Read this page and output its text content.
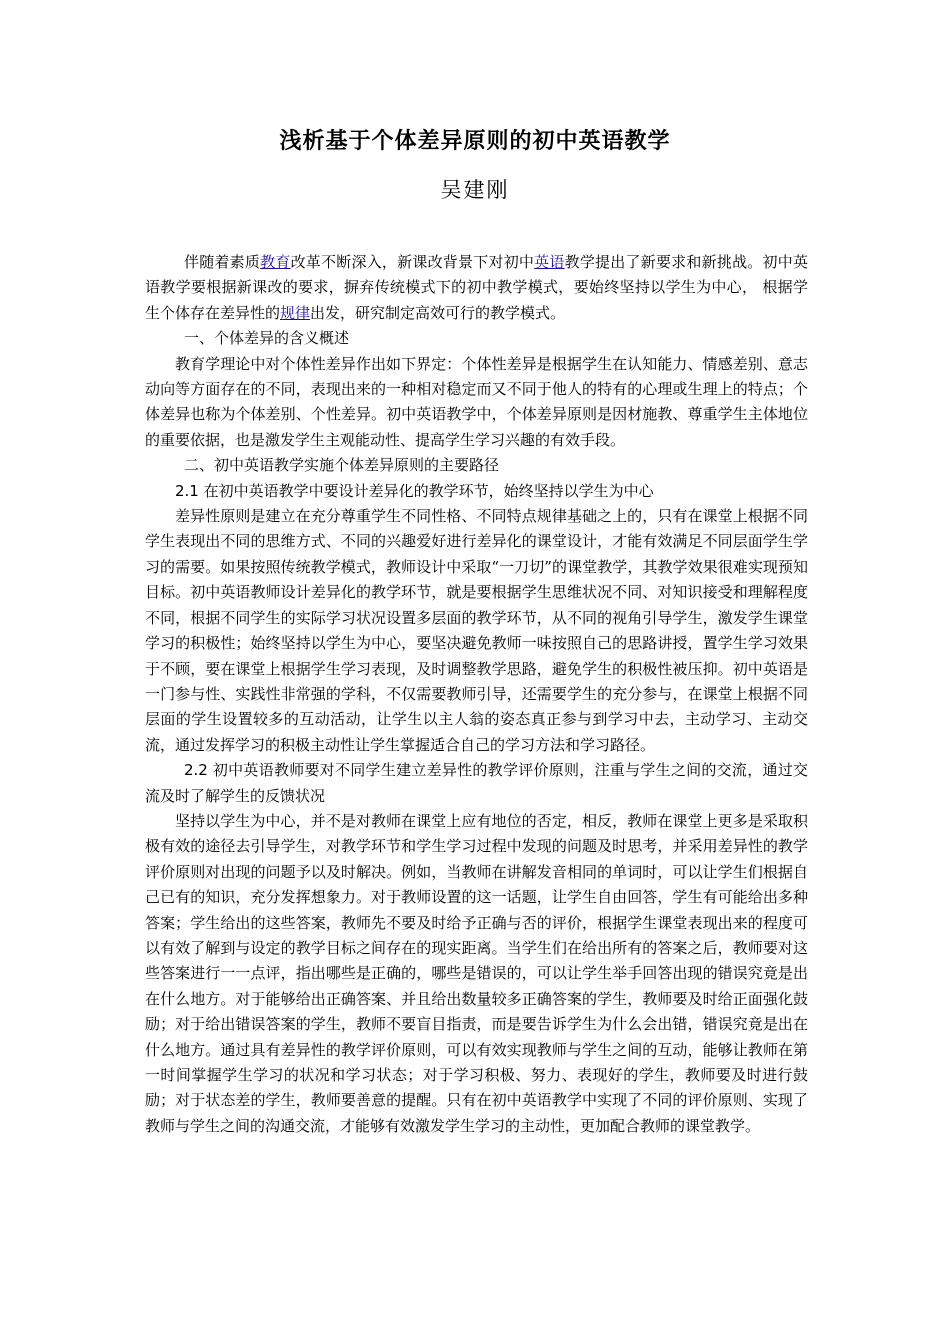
浅析基于个体差异原则的初中英语教学
吴建刚

伴随着素质教育改革不断深入，新课改背景下对初中英语教学提出了新要求和新挑战。初中英语教学要根据新课改的要求，摒弃传统模式下的初中教学模式，要始终坚持以学生为中心， 根据学生个体存在差异性的规律出发，研究制定高效可行的教学模式。

一、个体差异的含义概述

教育学理论中对个体性差异作出如下界定：个体性差异是根据学生在认知能力、情感差别、意志动向等方面存在的不同，表现出来的一种相对稳定而又不同于他人的特有的心理或生理上的特点；个体差异也称为个体差别、个性差异。初中英语教学中，个体差异原则是因材施教、尊重学生主体地位的重要依据，也是激发学生主观能动性、提高学生学习兴趣的有效手段。

二、初中英语教学实施个体差异原则的主要路径

2.1 在初中英语教学中要设计差异化的教学环节，始终坚持以学生为中心

差异性原则是建立在充分尊重学生不同性格、不同特点规律基础之上的，只有在课堂上根据不同学生表现出不同的思维方式、不同的兴趣爱好进行差异化的课堂设计，才能有效满足不同层面学生学习的需要。如果按照传统教学模式，教师设计中采取“一刀切”的课堂教学，其教学效果很难实现预知目标。初中英语教师设计差异化的教学环节，就是要根据学生思维状况不同、对知识接受和理解程度不同，根据不同学生的实际学习状况设置多层面的教学环节，从不同的视角引导学生，激发学生课堂学习的积极性；始终坚持以学生为中心，要坚决避免教师一味按照自己的思路讲授，置学生学习效果于不顾，要在课堂上根据学生学习表现，及时调整教学思路，避免学生的积极性被压抑。初中英语是一门参与性、实践性非常强的学科，不仅需要教师引导，还需要学生的充分参与，在课堂上根据不同层面的学生设置较多的互动活动，让学生以主人翁的姿态真正参与到学习中去，主动学习、主动交流，通过发挥学习的积极主动性让学生掌握适合自己的学习方法和学习路径。

2.2 初中英语教师要对不同学生建立差异性的教学评价原则，注重与学生之间的交流，通过交流及时了解学生的反馈状况

坚持以学生为中心，并不是对教师在课堂上应有地位的否定，相反，教师在课堂上更多是采取积极有效的途径去引导学生，对教学环节和学生学习过程中发现的问题及时思考，并采用差异性的教学评价原则对出现的问题予以及时解决。例如，当教师在讲解发音相同的单词时，可以让学生们根据自己已有的知识，充分发挥想象力。对于教师设置的这一话题，让学生自由回答，学生有可能给出多种答案；学生给出的这些答案，教师先不要及时给予正确与否的评价，根据学生课堂表现出来的程度可以有效了解到与设定的教学目标之间存在的现实距离。当学生们在给出所有的答案之后，教师要对这些答案进行一一点评，指出哪些是正确的，哪些是错误的，可以让学生举手回答出现的错误究竟是出在什么地方。对于能够给出正确答案、并且给出数量较多正确答案的学生，教师要及时给正面强化鼓励；对于给出错误答案的学生，教师不要盲目指责，而是要告诉学生为什么会出错，错误究竟是出在什么地方。通过具有差异性的教学评价原则，可以有效实现教师与学生之间的互动，能够让教师在第一时间掌握学生学习的状况和学习状态；对于学习积极、努力、表现好的学生，教师要及时进行鼓励；对于状态差的学生，教师要善意的提醒。只有在初中英语教学中实现了不同的评价原则、实现了教师与学生之间的沟通交流，才能够有效激发学生学习的主动性，更加配合教师的课堂教学。
